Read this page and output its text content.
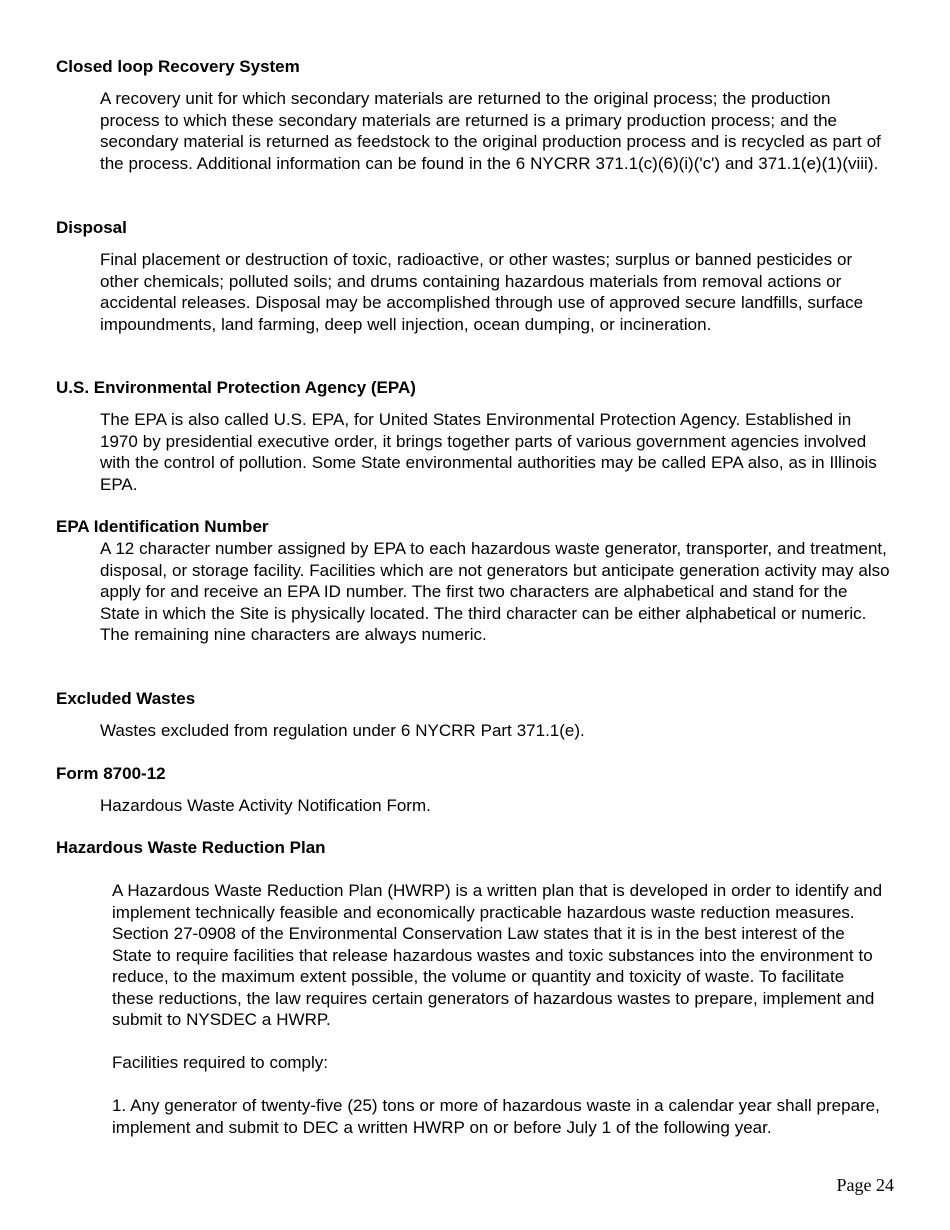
Closed loop Recovery System

A recovery unit for which secondary materials are returned to the original process; the production process to which these secondary materials are returned is a primary production process; and the secondary material is returned as feedstock to the original production process and is recycled as part of the process. Additional information can be found in the 6 NYCRR 371.1(c)(6)(i)('c') and 371.1(e)(1)(viii).

Disposal

Final placement or destruction of toxic, radioactive, or other wastes; surplus or banned pesticides or other chemicals; polluted soils; and drums containing hazardous materials from removal actions or accidental releases. Disposal may be accomplished through use of approved secure landfills, surface impoundments, land farming, deep well injection, ocean dumping, or incineration.

U.S. Environmental Protection Agency (EPA)

The EPA is also called U.S. EPA, for United States Environmental Protection Agency. Established in 1970 by presidential executive order, it brings together parts of various government agencies involved with the control of pollution. Some State environmental authorities may be called EPA also, as in Illinois EPA.

EPA Identification Number

A 12 character number assigned by EPA to each hazardous waste generator, transporter, and treatment, disposal, or storage facility. Facilities which are not generators but anticipate generation activity may also apply for and receive an EPA ID number. The first two characters are alphabetical and stand for the State in which the Site is physically located. The third character can be either alphabetical or numeric. The remaining nine characters are always numeric.

Excluded Wastes

Wastes excluded from regulation under 6 NYCRR Part 371.1(e).

Form 8700-12

Hazardous Waste Activity Notification Form.

Hazardous Waste Reduction Plan

A Hazardous Waste Reduction Plan (HWRP) is a written plan that is developed in order to identify and implement technically feasible and economically practicable hazardous waste reduction measures. Section 27-0908 of the Environmental Conservation Law states that it is in the best interest of the State to require facilities that release hazardous wastes and toxic substances into the environment to reduce, to the maximum extent possible, the volume or quantity and toxicity of waste. To facilitate these reductions, the law requires certain generators of hazardous wastes to prepare, implement and submit to NYSDEC a HWRP.

Facilities required to comply:

1. Any generator of twenty-five (25) tons or more of hazardous waste in a calendar year shall prepare, implement and submit to DEC a written HWRP on or before July 1 of the following year.

Page 24
